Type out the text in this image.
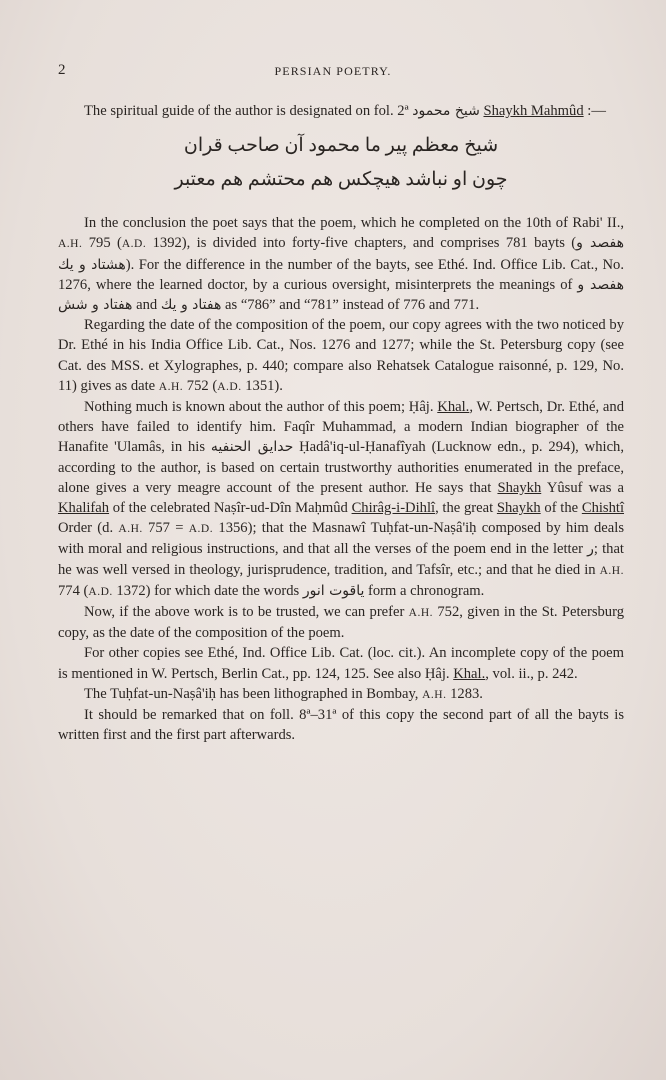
2	PERSIAN POETRY.

The spiritual guide of the author is designated on fol. 2ª شیخ محمود Shaykh Mahmûd :—

شیخ معظم پیر ما محمود آن صاحب قران
چون او نباشد هیچکس هم محتشم هم معتبر

In the conclusion the poet says that the poem, which he completed on the 10th of Rabi' II., A.H. 795 (A.D. 1392), is divided into forty-five chapters, and comprises 781 bayts (هفصد و هشتاد و یك). For the difference in the number of the bayts, see Ethé. Ind. Office Lib. Cat., No. 1276, where the learned doctor, by a curious oversight, misinterprets the meanings of هفصد و هفتاد و شش and هفتاد و یك as “786” and “781” instead of 776 and 771.

Regarding the date of the composition of the poem, our copy agrees with the two noticed by Dr. Ethé in his India Office Lib. Cat., Nos. 1276 and 1277; while the St. Petersburg copy (see Cat. des MSS. et Xylographes, p. 440; compare also Rehatsek Catalogue raisonné, p. 129, No. 11) gives as date A.H. 752 (A.D. 1351).

Nothing much is known about the author of this poem; Ḥâj. Khal., W. Pertsch, Dr. Ethé, and others have failed to identify him. Faqîr Muhammad, a modern Indian biographer of the Hanafite 'Ulamâs, in his حدایق الحنفیه Ḥadâ'iq-ul-Ḥanafîyah (Lucknow edn., p. 294), which, according to the author, is based on certain trustworthy authorities enumerated in the preface, alone gives a very meagre account of the present author. He says that Shaykh Yûsuf was a Khalifah of the celebrated Naṣîr-ud-Dîn Maḥmûd Chirâg-i-Dihlî, the great Shaykh of the Chishtî Order (d. A.H. 757 = A.D. 1356); that the Masnawî Tuḥfat-un-Naṣâ'iḥ composed by him deals with moral and religious instructions, and that all the verses of the poem end in the letter ر; that he was well versed in theology, jurisprudence, tradition, and Tafsîr, etc.; and that he died in A.H. 774 (A.D. 1372) for which date the words یاقوت انور form a chronogram.

Now, if the above work is to be trusted, we can prefer A.H. 752, given in the St. Petersburg copy, as the date of the composition of the poem.

For other copies see Ethé, Ind. Office Lib. Cat. (loc. cit.). An incomplete copy of the poem is mentioned in W. Pertsch, Berlin Cat., pp. 124, 125. See also Ḥâj. Khal., vol. ii., p. 242.

The Tuḥfat-un-Naṣâ'iḥ has been lithographed in Bombay, A.H. 1283.

It should be remarked that on foll. 8ª–31ª of this copy the second part of all the bayts is written first and the first part afterwards.
